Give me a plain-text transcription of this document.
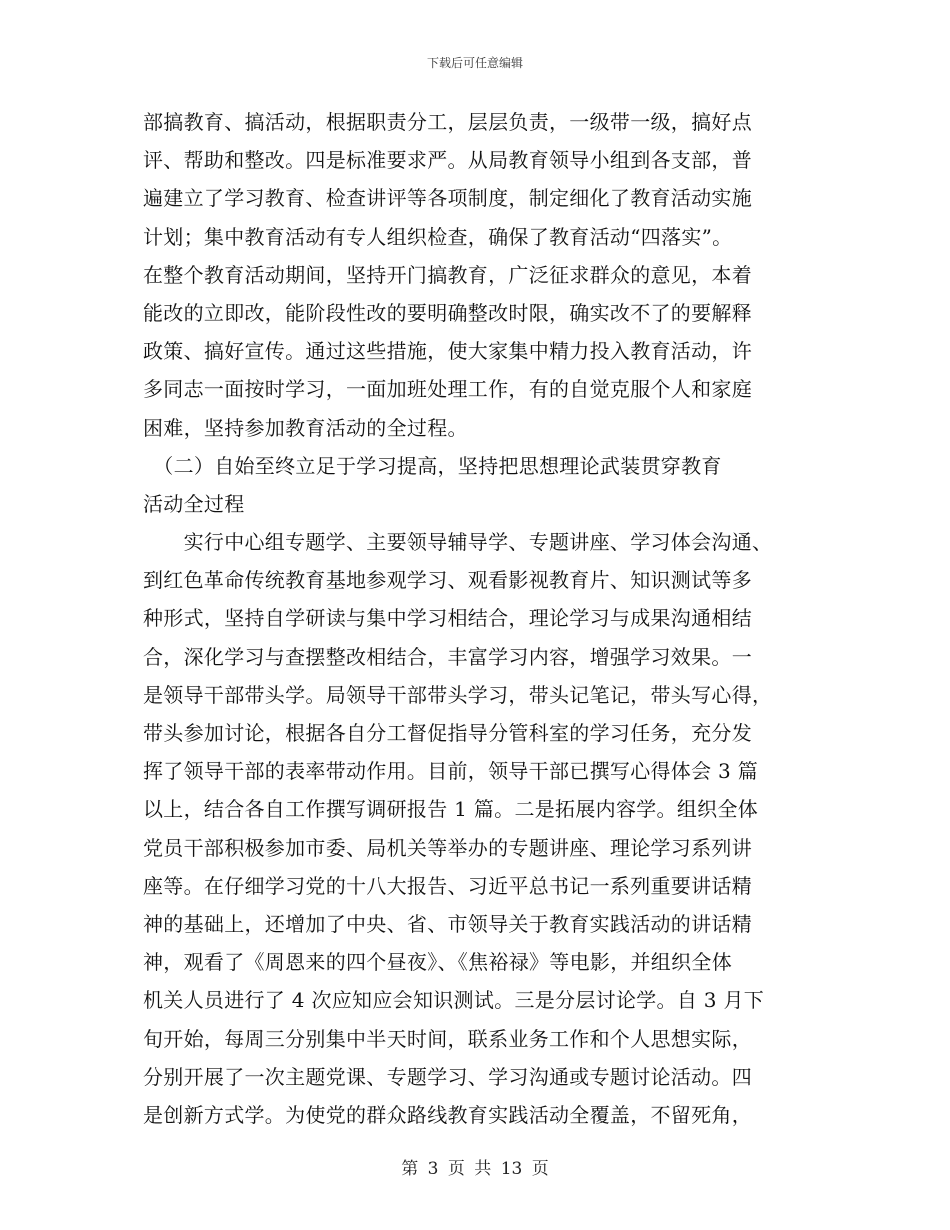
下载后可任意编辑
部搞教育、搞活动，根据职责分工，层层负责，一级带一级，搞好点
评、帮助和整改。四是标准要求严。从局教育领导小组到各支部，普
遍建立了学习教育、检查讲评等各项制度，制定细化了教育活动实施
计划；集中教育活动有专人组织检查，确保了教育活动“四落实”。
在整个教育活动期间，坚持开门搞教育，广泛征求群众的意见，本着
能改的立即改，能阶段性改的要明确整改时限，确实改不了的要解释
政策、搞好宣传。通过这些措施，使大家集中精力投入教育活动，许
多同志一面按时学习，一面加班处理工作，有的自觉克服个人和家庭
困难，坚持参加教育活动的全过程。
　（二）自始至终立足于学习提高，坚持把思想理论武装贯穿教育
活动全过程
　　实行中心组专题学、主要领导辅导学、专题讲座、学习体会沟通、
到红色革命传统教育基地参观学习、观看影视教育片、知识测试等多
种形式，坚持自学研读与集中学习相结合，理论学习与成果沟通相结
合，深化学习与查摆整改相结合，丰富学习内容，增强学习效果。一
是领导干部带头学。局领导干部带头学习，带头记笔记，带头写心得，
带头参加讨论，根据各自分工督促指导分管科室的学习任务，充分发
挥了领导干部的表率带动作用。目前，领导干部已撰写心得体会 3 篇
以上，结合各自工作撰写调研报告 1 篇。二是拓展内容学。组织全体
党员干部积极参加市委、局机关等举办的专题讲座、理论学习系列讲
座等。在仔细学习党的十八大报告、习近平总书记一系列重要讲话精
神的基础上，还增加了中央、省、市领导关于教育实践活动的讲话精
神，观看了《周恩来的四个昼夜》、《焦裕禄》等电影，并组织全体
机关人员进行了 4 次应知应会知识测试。三是分层讨论学。自 3 月下
旬开始，每周三分别集中半天时间，联系业务工作和个人思想实际，
分别开展了一次主题党课、专题学习、学习沟通或专题讨论活动。四
是创新方式学。为使党的群众路线教育实践活动全覆盖，不留死角，
第 3 页 共 13 页
